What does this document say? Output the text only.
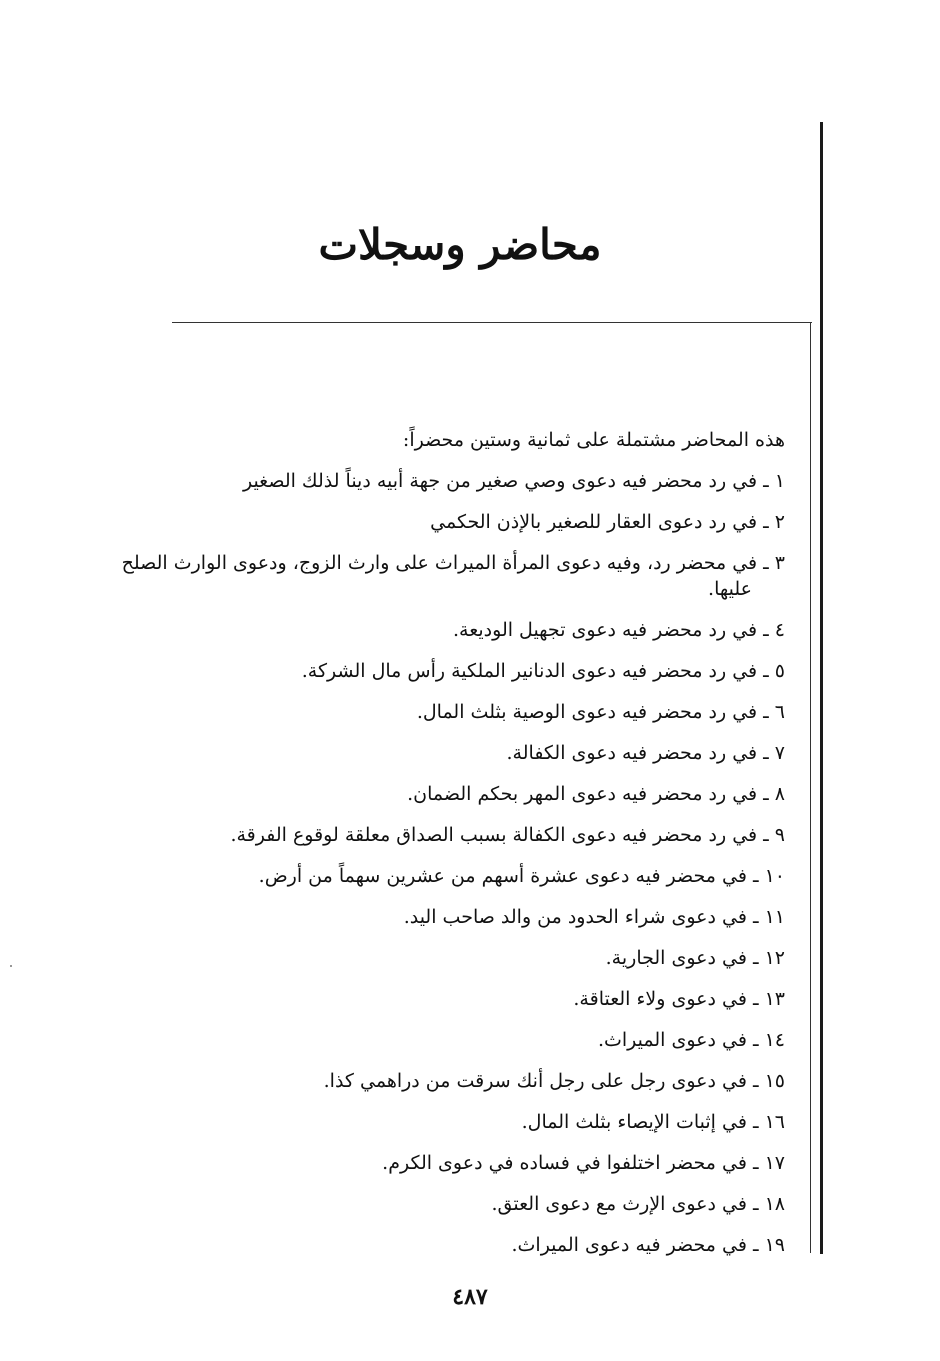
محاضر وسجلات

هذه المحاضر مشتملة على ثمانية وستين محضراً:

١ ـ في رد محضر فيه دعوى وصي صغير من جهة أبيه ديناً لذلك الصغير
٢ ـ في رد دعوى العقار للصغير بالإذن الحكمي
٣ ـ في محضر رد، وفيه دعوى المرأة الميراث على وارث الزوج، ودعوى الوارث الصلح
عليها.
٤ ـ في رد محضر فيه دعوى تجهيل الوديعة.
٥ ـ في رد محضر فيه دعوى الدنانير الملكية رأس مال الشركة.
٦ ـ في رد محضر فيه دعوى الوصية بثلث المال.
٧ ـ في رد محضر فيه دعوى الكفالة.
٨ ـ في رد محضر فيه دعوى المهر بحكم الضمان.
٩ ـ في رد محضر فيه دعوى الكفالة بسبب الصداق معلقة لوقوع الفرقة.
١٠ ـ في محضر فيه دعوى عشرة أسهم من عشرين سهماً من أرض.
١١ ـ في دعوى شراء الحدود من والد صاحب اليد.
١٢ ـ في دعوى الجارية.
١٣ ـ في دعوى ولاء العتاقة.
١٤ ـ في دعوى الميراث.
١٥ ـ في دعوى رجل على رجل أنك سرقت من دراهمي كذا.
١٦ ـ في إثبات الإيصاء بثلث المال.
١٧ ـ في محضر اختلفوا في فساده في دعوى الكرم.
١٨ ـ في دعوى الإرث مع دعوى العتق.
١٩ ـ في محضر فيه دعوى الميراث.
٤٨٧
